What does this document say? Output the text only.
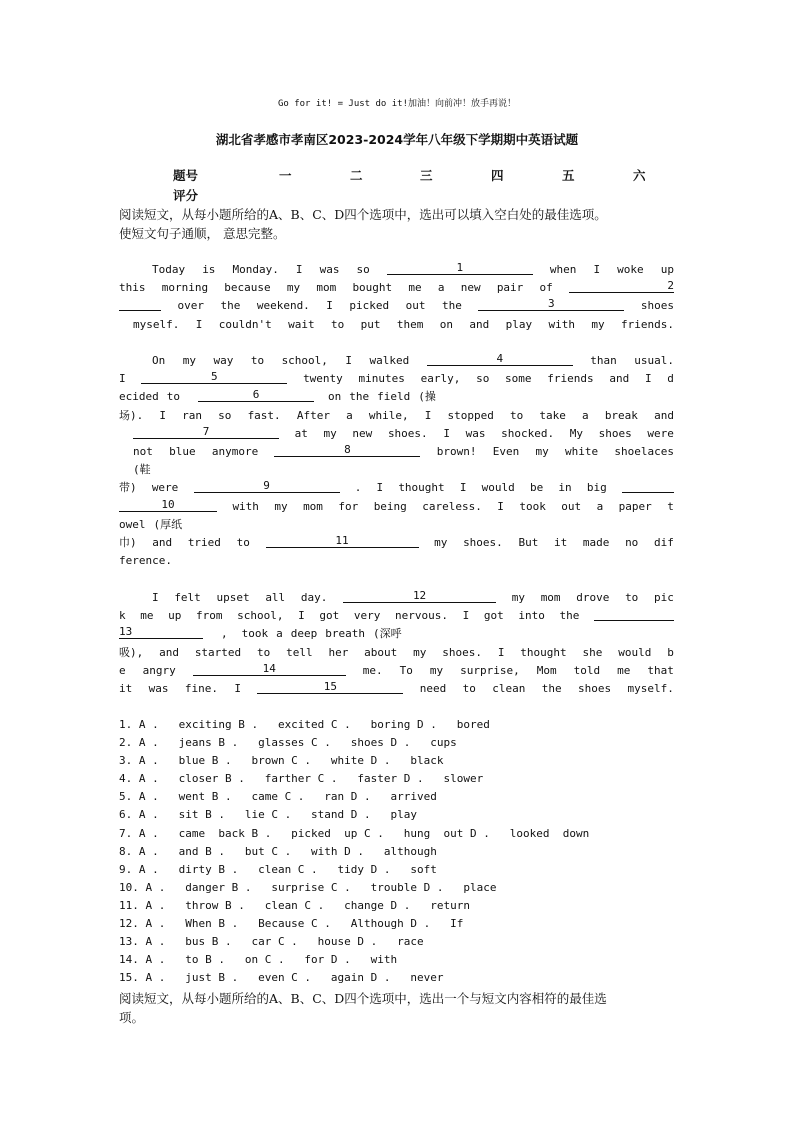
Go for it! = Just do it!加油！向前冲！放手再说！
湖北省孝感市孝南区2023-2024学年八年级下学期期中英语试题
题号	一	二	三	四	五	六
评分
阅读短文，从每小题所给的A、B、C、D四个选项中，选出可以填入空白处的最佳选项。
使短文句子通顺， 意思完整。
Today is Monday. I was so	1	when I woke up
this morning because my mom bought me a new pair of	2
over the weekend. I picked out the	3	shoes
myself. I couldn't wait to put them on and play with my friends.
On my way to school, I walked	4	than usual.
I	5	twenty minutes early, so some friends and I d
ecided to	6	on the field (操
场). I ran so fast. After a while, I stopped to take a break and
7	at my new shoes. I was shocked. My shoes were
not blue anymore	8	brown! Even my white shoelaces
(鞋
带) were	9	. I thought I would be in big
10	with my mom for being careless. I took out a paper t
owel (厚纸
巾) and tried to	11	my shoes. But it made no dif
ference.
I felt upset all day.	12	my mom drove to pic
k me up from school, I got very nervous. I got into the
13	, took a deep breath (深呼
吸), and started to tell her about my shoes. I thought she would b
e angry	14	me. To my surprise, Mom told me that
it was fine. I	15	need to clean the shoes myself.
1. A .   exciting B .   excited C .   boring D .   bored
2. A .   jeans B .   glasses C .   shoes D .   cups
3. A .   blue B .   brown C .   white D .   black
4. A .   closer B .   farther C .   faster D .   slower
5. A .   went B .   came C .   ran D .   arrived
6. A .   sit B .   lie C .   stand D .   play
7. A .   came  back B .   picked  up C .   hung  out D .   looked  down
8. A .   and B .   but C .   with D .   although
9. A .   dirty B .   clean C .   tidy D .   soft
10. A .   danger B .   surprise C .   trouble D .   place
11. A .   throw B .   clean C .   change D .   return
12. A .   When B .   Because C .   Although D .   If
13. A .   bus B .   car C .   house D .   race
14. A .   to B .   on C .   for D .   with
15. A .   just B .   even C .   again D .   never
阅读短文，从每小题所给的A、B、C、D四个选项中，选出一个与短文内容相符的最佳选
项。
